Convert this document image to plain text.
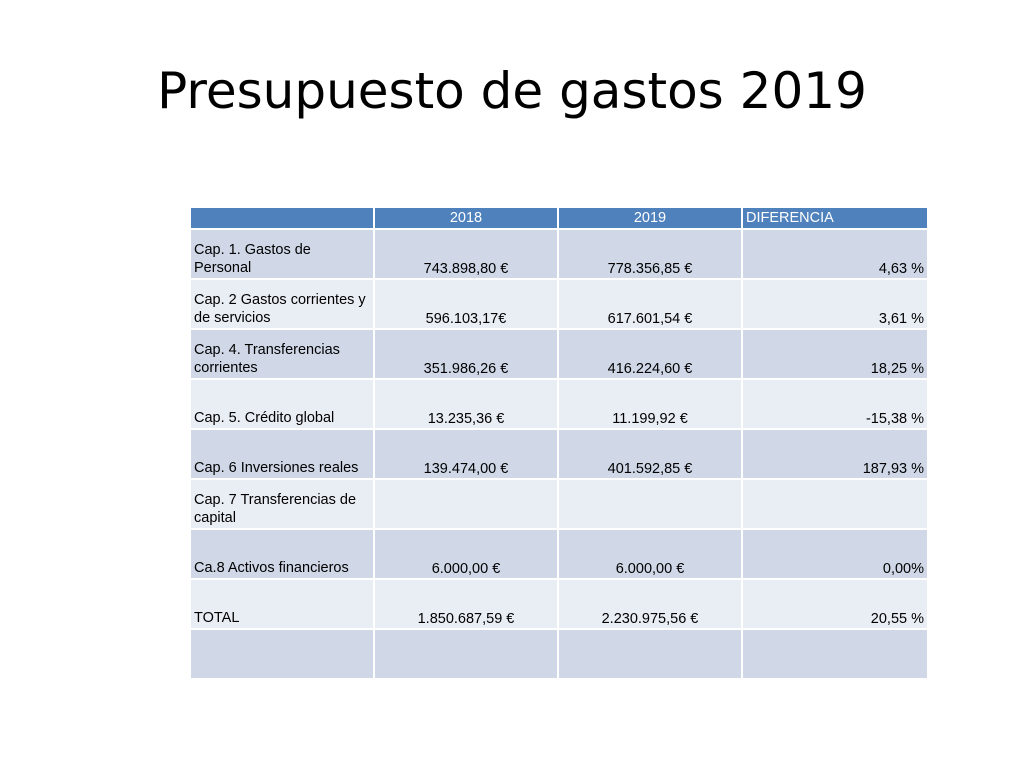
Presupuesto de gastos 2019
	2018	2019	DIFERENCIA
Cap. 1. Gastos de Personal	743.898,80 €	778.356,85 €	4,63 %
Cap. 2 Gastos corrientes y de servicios	596.103,17€	617.601,54 €	3,61 %
Cap. 4. Transferencias corrientes	351.986,26 €	416.224,60 €	18,25 %
Cap. 5. Crédito global	13.235,36 €	11.199,92 €	-15,38 %
Cap. 6 Inversiones reales	139.474,00 €	401.592,85 €	187,93 %
Cap. 7 Transferencias de capital			
Ca.8 Activos financieros	6.000,00 €	6.000,00 €	0,00%
TOTAL	1.850.687,59 €	2.230.975,56 €	20,55 %
